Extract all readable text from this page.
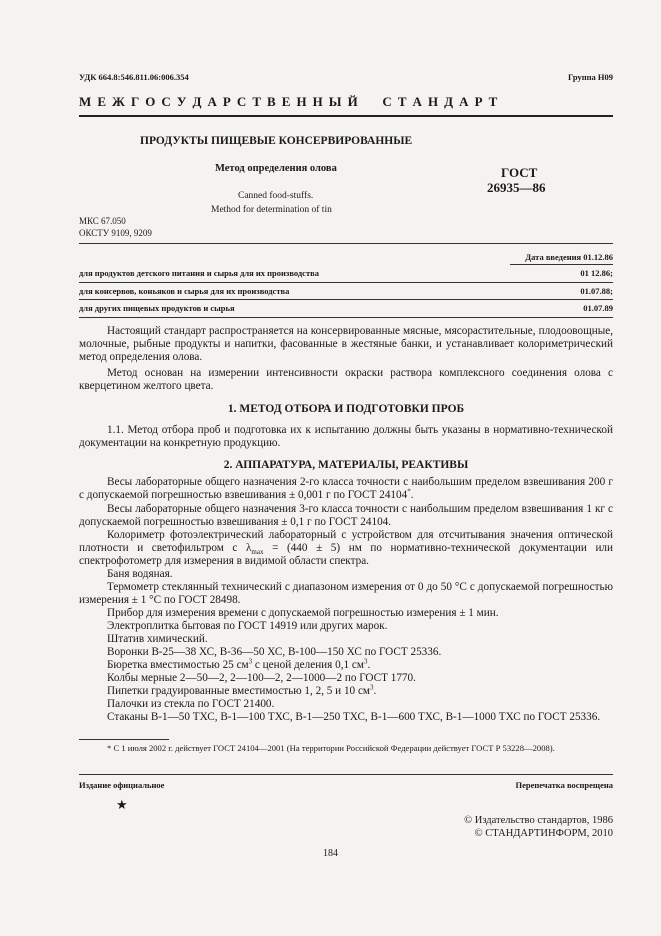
УДК 664.8:546.811.06:006.354	Группа Н09
М Е Ж Г О С У Д А Р С Т В Е Н Н Ы Й     С Т А Н Д А Р Т
ПРОДУКТЫ ПИЩЕВЫЕ КОНСЕРВИРОВАННЫЕ
Метод определения олова
Canned food-stuffs.
Method for determination of tin
ГОСТ
26935—86
МКС 67.050
ОКСТУ 9109, 9209
Дата введения 01.12.86
для продуктов детского питания и сырья для их производства	01 12.86;
для консервов, коньяков и сырья для их производства	01.07.88;
для других пищевых продуктов и сырья	01.07.89
Настоящий стандарт распространяется на консервированные мясные, мясорастительные, плодоовощные, молочные, рыбные продукты и напитки, фасованные в жестяные банки, и устанавливает колориметрический метод определения олова.
Метод основан на измерении интенсивности окраски раствора комплексного соединения олова с кверцетином желтого цвета.
1. МЕТОД ОТБОРА И ПОДГОТОВКИ ПРОБ
1.1. Метод отбора проб и подготовка их к испытанию должны быть указаны в нормативно-технической документации на конкретную продукцию.
2. АППАРАТУРА, МАТЕРИАЛЫ, РЕАКТИВЫ
Весы лабораторные общего назначения 2-го класса точности с наибольшим пределом взвешивания 200 г с допускаемой погрешностью взвешивания ± 0,001 г по ГОСТ 24104*.
Весы лабораторные общего назначения 3-го класса точности с наибольшим пределом взвешивания 1 кг с допускаемой погрешностью взвешивания ± 0,1 г по ГОСТ 24104.
Колориметр фотоэлектрический лабораторный с устройством для отсчитывания значения оптической плотности и светофильтром с $\lambda_{max} = (440 \pm 5)$ нм по нормативно-технической документации или спектрофотометр для измерения в видимой области спектра.
Баня водяная.
Термометр стеклянный технический с диапазоном измерения от 0 до 50 °С с допускаемой погрешностью измерения ± 1 °С по ГОСТ 28498.
Прибор для измерения времени с допускаемой погрешностью измерения ± 1 мин.
Электроплитка бытовая по ГОСТ 14919 или других марок.
Штатив химический.
Воронки В-25—38 ХС, В-36—50 ХС, В-100—150 ХС по ГОСТ 25336.
Бюретка вместимостью 25 $см^3$ с ценой деления 0,1 $см^3$.
Колбы мерные 2—50—2, 2—100—2, 2—1000—2 по ГОСТ 1770.
Пипетки градуированные вместимостью 1, 2, 5 и 10 $см^3$.
Палочки из стекла по ГОСТ 21400.
Стаканы В-1—50 ТХС, В-1—100 ТХС, В-1—250 ТХС, В-1—600 ТХС, В-1—1000 ТХС по ГОСТ 25336.
* С 1 июля 2002 г. действует ГОСТ 24104—2001 (На территории Российской Федерации действует ГОСТ Р 53228—2008).
Издание официальное	Перепечатка воспрещена
★
© Издательство стандартов, 1986
© СТАНДАРТИНФОРМ, 2010
184
